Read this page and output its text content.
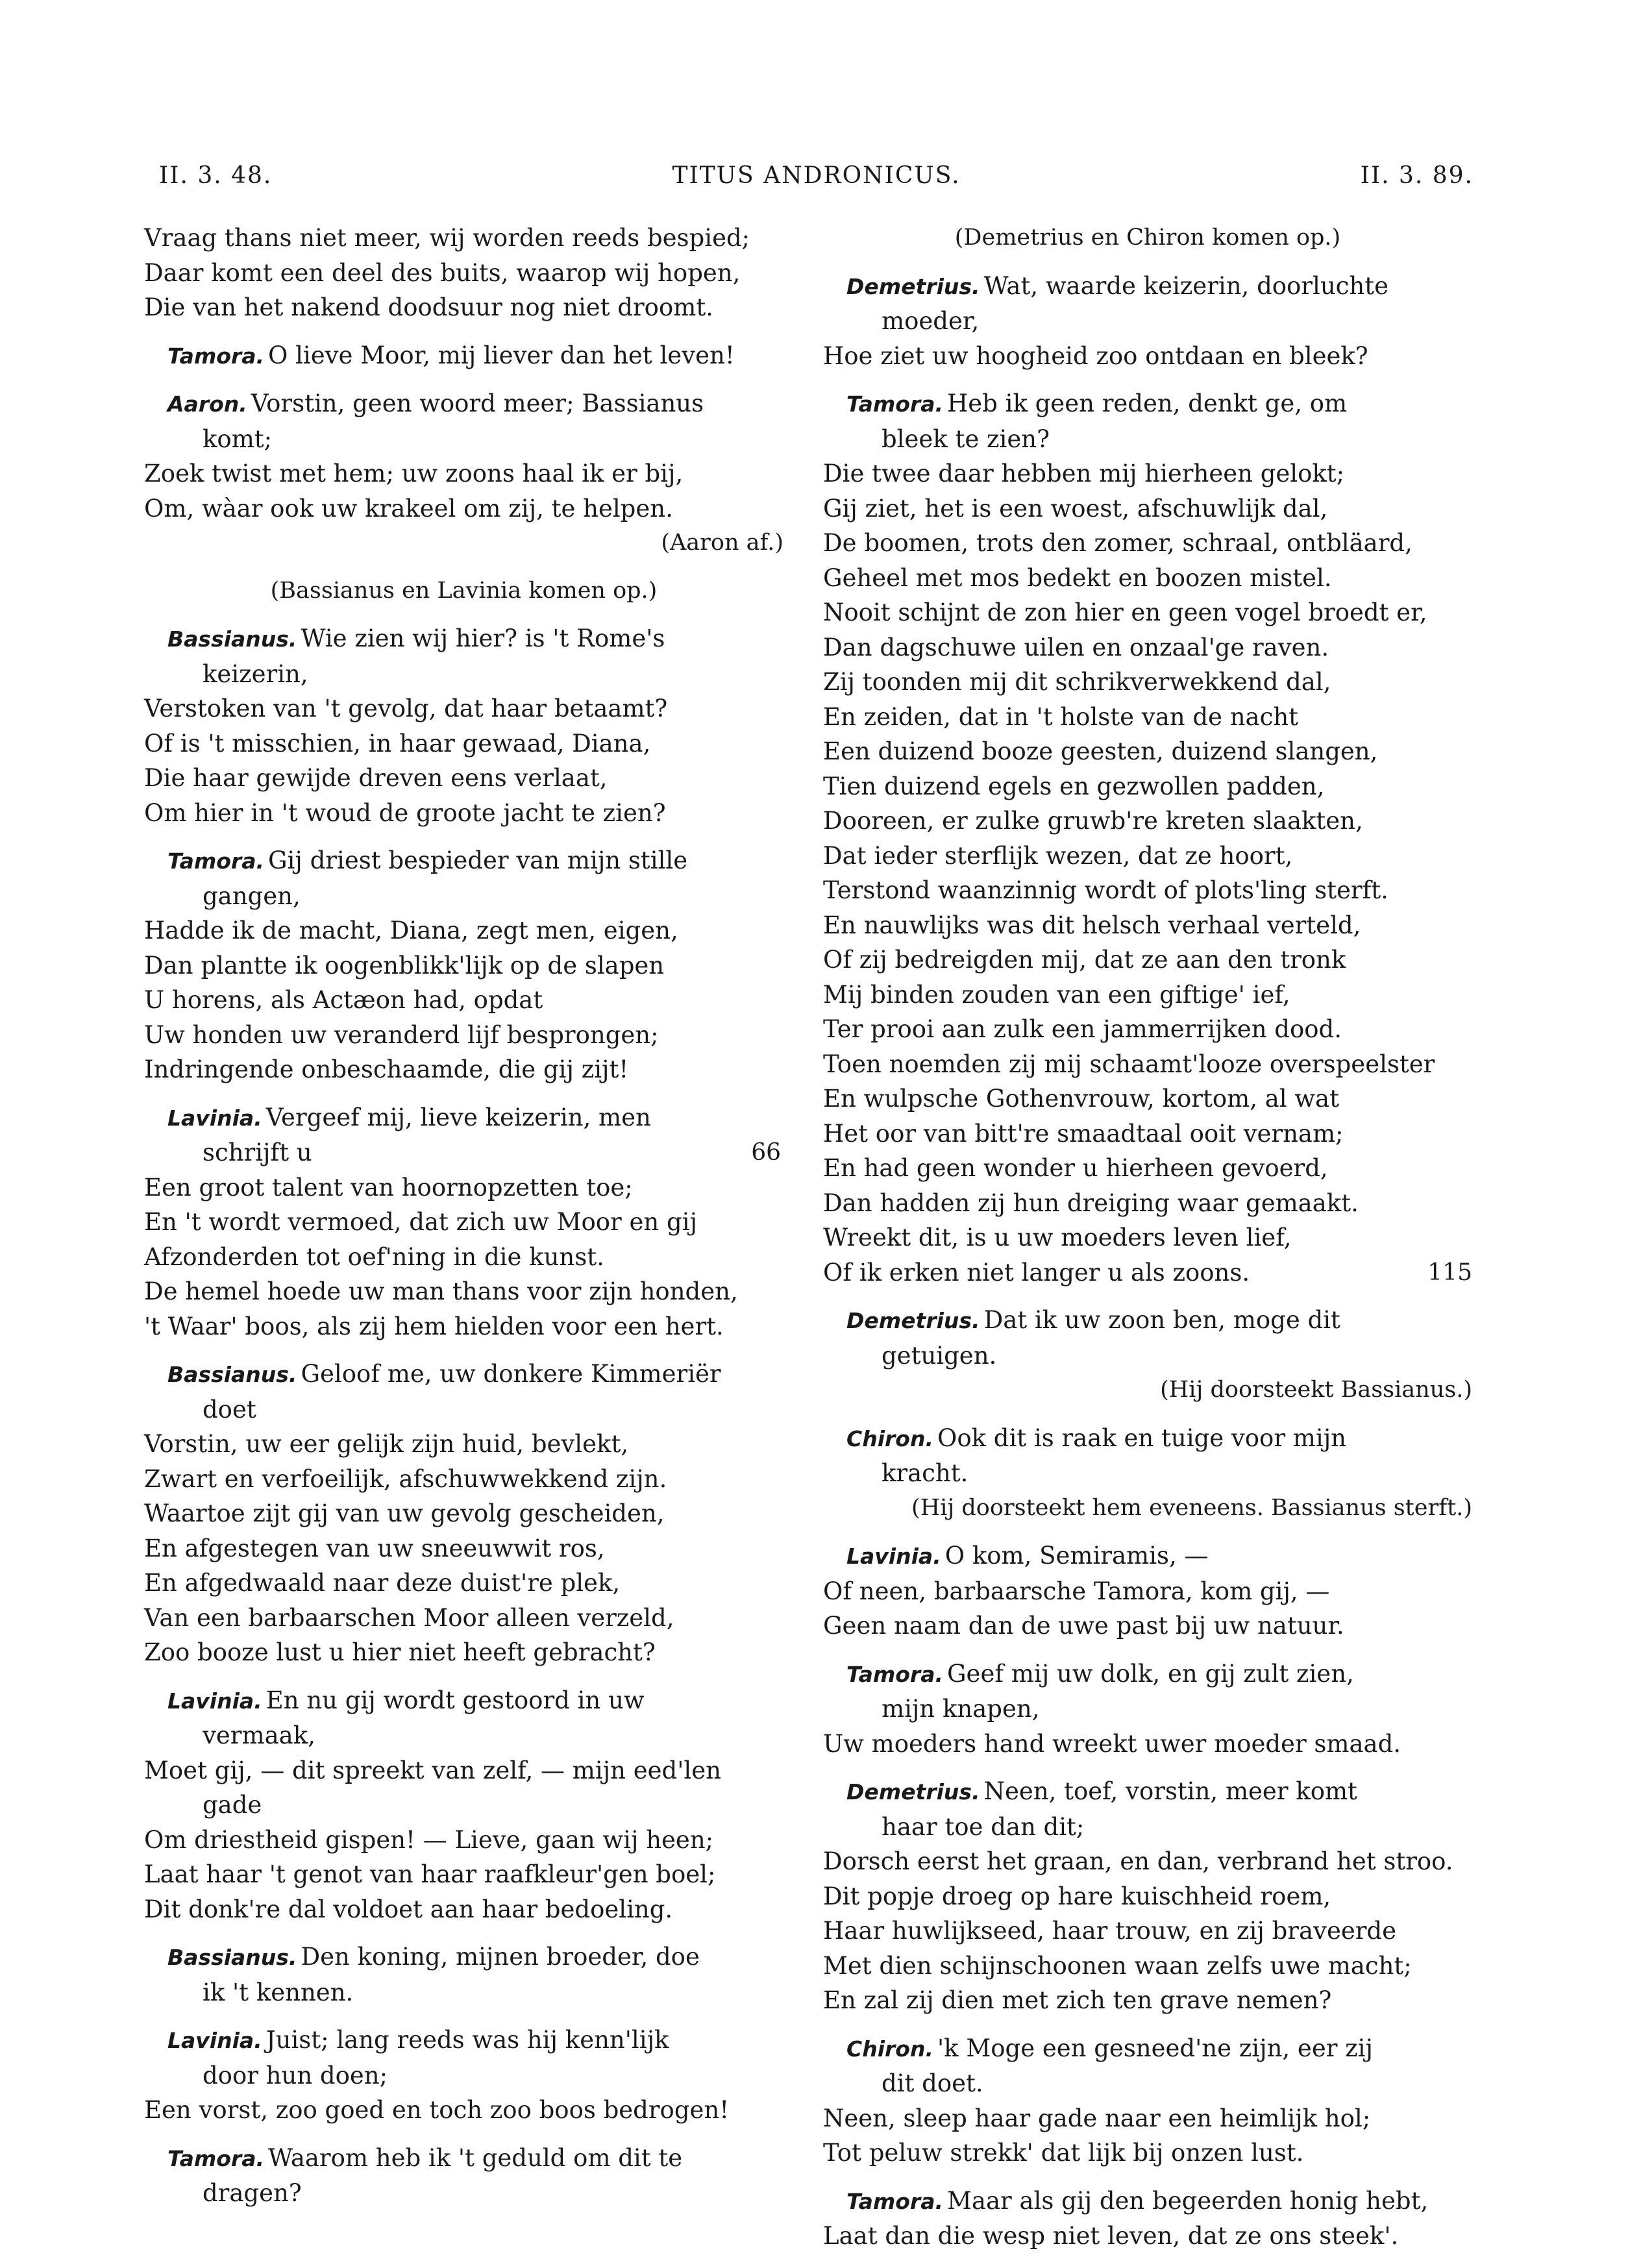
II. 3. 48.	TITUS ANDRONICUS.	II. 3. 89.
Vraag thans niet meer, wij worden reeds bespied;
Daar komt een deel des buits, waarop wij hopen,
Die van het nakend doodsuur nog niet droomt.
Tamora. O lieve Moor, mij liever dan het leven!
Aaron. Vorstin, geen woord meer; Bassianus
komt;
Zoek twist met hem; uw zoons haal ik er bij,
Om, wàar ook uw krakeel om zij, te helpen.
(Aaron af.)
(Bassianus en Lavinia komen op.)
Bassianus. Wie zien wij hier? is 't Rome's
keizerin,
Verstoken van 't gevolg, dat haar betaamt?
Of is 't misschien, in haar gewaad, Diana,
Die haar gewijde dreven eens verlaat,
Om hier in 't woud de groote jacht te zien?
Tamora. Gij driest bespieder van mijn stille
gangen,
Hadde ik de macht, Diana, zegt men, eigen,
Dan plantte ik oogenblikk'lijk op de slapen
U horens, als Actæon had, opdat
Uw honden uw veranderd lijf besprongen;
Indringende onbeschaamde, die gij zijt!
Lavinia. Vergeef mij, lieve keizerin, men
schrijft u	66
Een groot talent van hoornopzetten toe;
En 't wordt vermoed, dat zich uw Moor en gij
Afzonderden tot oef'ning in die kunst.
De hemel hoede uw man thans voor zijn honden,
't Waar' boos, als zij hem hielden voor een hert.
Bassianus. Geloof me, uw donkere Kimmeriër
doet
Vorstin, uw eer gelijk zijn huid, bevlekt,
Zwart en verfoeilijk, afschuwwekkend zijn.
Waartoe zijt gij van uw gevolg gescheiden,
En afgestegen van uw sneeuwwit ros,
En afgedwaald naar deze duist're plek,
Van een barbaarschen Moor alleen verzeld,
Zoo booze lust u hier niet heeft gebracht?
Lavinia. En nu gij wordt gestoord in uw
vermaak,
Moet gij, — dit spreekt van zelf, — mijn eed'len
gade
Om driestheid gispen! — Lieve, gaan wij heen;
Laat haar 't genot van haar raafkleur'gen boel;
Dit donk're dal voldoet aan haar bedoeling.
Bassianus. Den koning, mijnen broeder, doe
ik 't kennen.
Lavinia. Juist; lang reeds was hij kenn'lijk
door hun doen;
Een vorst, zoo goed en toch zoo boos bedrogen!
Tamora. Waarom heb ik 't geduld om dit te
dragen?
(Demetrius en Chiron komen op.)
Demetrius. Wat, waarde keizerin, doorluchte
moeder,
Hoe ziet uw hoogheid zoo ontdaan en bleek?
Tamora. Heb ik geen reden, denkt ge, om
bleek te zien?
Die twee daar hebben mij hierheen gelokt;
Gij ziet, het is een woest, afschuwlijk dal,
De boomen, trots den zomer, schraal, ontbläard,
Geheel met mos bedekt en boozen mistel.
Nooit schijnt de zon hier en geen vogel broedt er,
Dan dagschuwe uilen en onzaal'ge raven.
Zij toonden mij dit schrikverwekkend dal,
En zeiden, dat in 't holste van de nacht
Een duizend booze geesten, duizend slangen,
Tien duizend egels en gezwollen padden,
Dooreen, er zulke gruwb're kreten slaakten,
Dat ieder sterflijk wezen, dat ze hoort,
Terstond waanzinnig wordt of plots'ling sterft.
En nauwlijks was dit helsch verhaal verteld,
Of zij bedreigden mij, dat ze aan den tronk
Mij binden zouden van een giftige' ief,
Ter prooi aan zulk een jammerrijken dood.
Toen noemden zij mij schaamt'looze overspeelster
En wulpsche Gothenvrouw, kortom, al wat
Het oor van bitt're smaadtaal ooit vernam;
En had geen wonder u hierheen gevoerd,
Dan hadden zij hun dreiging waar gemaakt.
Wreekt dit, is u uw moeders leven lief,
Of ik erken niet langer u als zoons.	115
Demetrius. Dat ik uw zoon ben, moge dit
getuigen.
(Hij doorsteekt Bassianus.)
Chiron. Ook dit is raak en tuige voor mijn
kracht.
(Hij doorsteekt hem eveneens. Bassianus sterft.)
Lavinia. O kom, Semiramis, —
Of neen, barbaarsche Tamora, kom gij, —
Geen naam dan de uwe past bij uw natuur.
Tamora. Geef mij uw dolk, en gij zult zien,
mijn knapen,
Uw moeders hand wreekt uwer moeder smaad.
Demetrius. Neen, toef, vorstin, meer komt
haar toe dan dit;
Dorsch eerst het graan, en dan, verbrand het stroo.
Dit popje droeg op hare kuischheid roem,
Haar huwlijkseed, haar trouw, en zij braveerde
Met dien schijnschoonen waan zelfs uwe macht;
En zal zij dien met zich ten grave nemen?
Chiron. 'k Moge een gesneed'ne zijn, eer zij
dit doet.
Neen, sleep haar gade naar een heimlijk hol;
Tot peluw strekk' dat lijk bij onzen lust.
Tamora. Maar als gij den begeerden honig hebt,
Laat dan die wesp niet leven, dat ze ons steek'.
